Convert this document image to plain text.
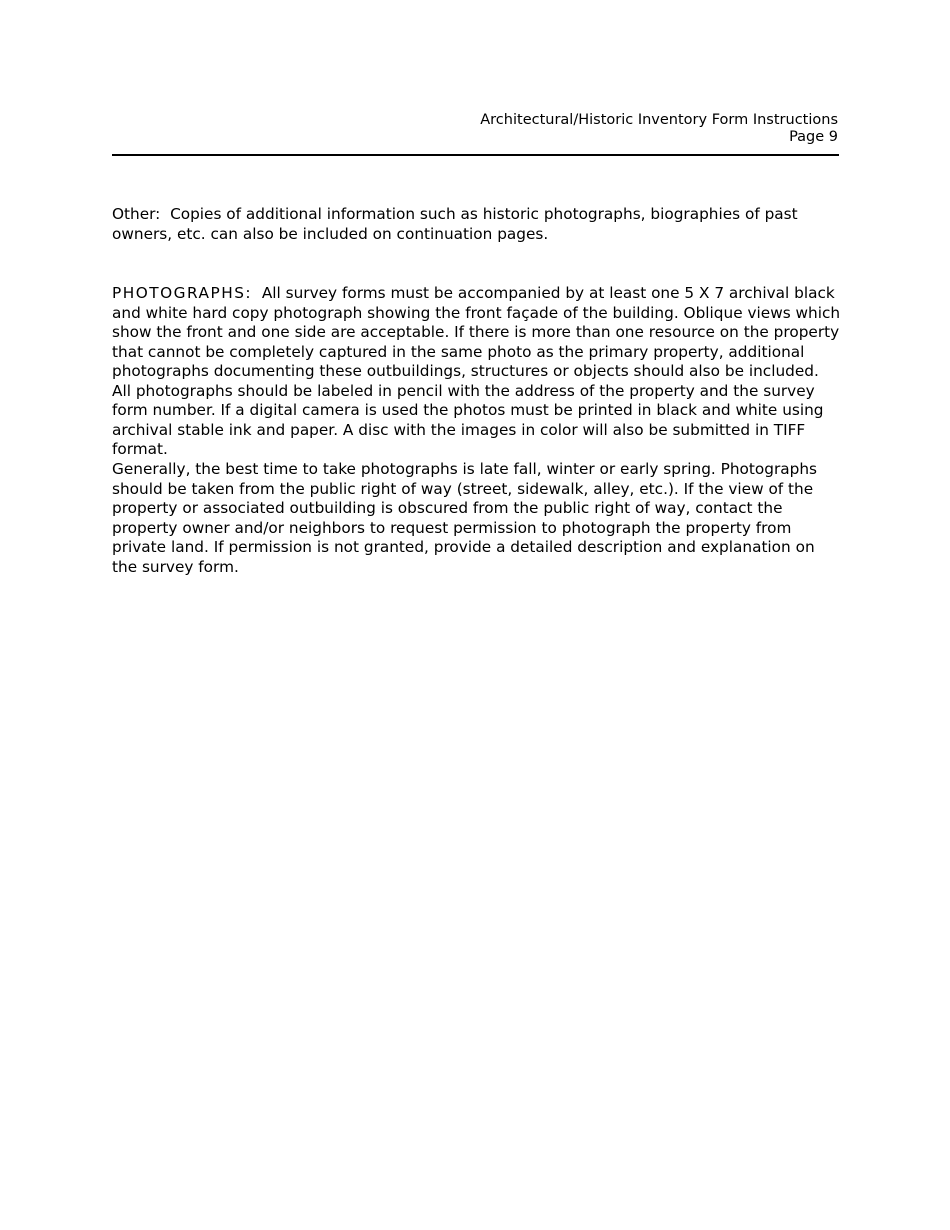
Architectural/Historic Inventory Form Instructions
Page 9

Other: Copies of additional information such as historic photographs, biographies of past owners, etc. can also be included on continuation pages.

PHOTOGRAPHS: All survey forms must be accompanied by at least one 5 X 7 archival black and white hard copy photograph showing the front façade of the building. Oblique views which show the front and one side are acceptable. If there is more than one resource on the property that cannot be completely captured in the same photo as the primary property, additional photographs documenting these outbuildings, structures or objects should also be included. All photographs should be labeled in pencil with the address of the property and the survey form number. If a digital camera is used the photos must be printed in black and white using archival stable ink and paper. A disc with the images in color will also be submitted in TIFF format.

Generally, the best time to take photographs is late fall, winter or early spring. Photographs should be taken from the public right of way (street, sidewalk, alley, etc.). If the view of the property or associated outbuilding is obscured from the public right of way, contact the property owner and/or neighbors to request permission to photograph the property from private land. If permission is not granted, provide a detailed description and explanation on the survey form.
